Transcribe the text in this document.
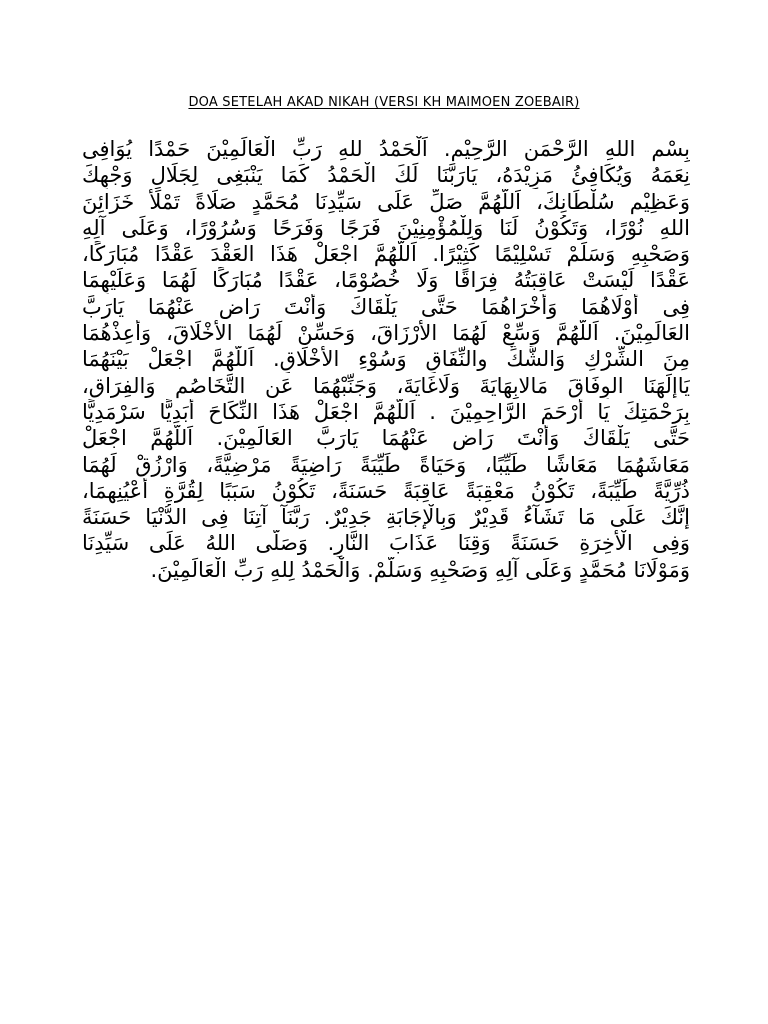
DOA SETELAH AKAD NIKAH (VERSI KH MAIMOEN ZOEBAIR)
بِسْمِ اللهِ الرَّحْمَنِ الرَّحِيْمِ. اَلْحَمْدُ للهِ رَبِّ الْعَالَمِيْنَ حَمْدًا يُوَافِى
نِعَمَهُ وَيُكَافِئُ مَزِيْدَهُ، يَارَبَّنَا لَكَ الْحَمْدُ كَمَا يَنْبَغِى لِجَلَالِ وَجْهِكَ
وَعَظِيْمِ سُلْطَانِكَ، اَللَّهُمَّ صَلِّ عَلَى سَيِّدِنَا مُحَمَّدٍ صَلَاةً تَمْلَأُ خَزَائِنَ
اللهِ نُوْرًا، وَتَكُوْنُ لَنَا وَلِلْمُؤْمِنِيْنَ فَرَجًا وَفَرَحًا وَسُرُوْرًا، وَعَلَى آلِهِ
وَصَحْبِهِ وَسَلِّمْ تَسْلِيْمًا كَثِيْرًا. اَللَّهُمَّ اجْعَلْ هَذَا العَقْدَ عَقْدًا مُبَارَكًا،
عَقْدًا لَيْسَتْ عَاقِبَتُهُ فِرَاقًا وَلَا خُصُوْمًا، عَقْدًا مُبَارَكًا لَهُمَا وَعَلَيْهِمَا
فِى أَوْلَاهُمَا وَأُخْرَاهُمَا حَتَّى يَلْقَاكَ وَأَنْتَ رَاضٍ عَنْهُمَا يَارَبَّ
العَالَمِيْنَ. اَللَّهُمَّ وَسِّعْ لَهُمَا الأَرْزَاقَ، وَحَسِّنْ لَهُمَا الأَخْلَاقَ، وَأَعِذْهُمَا
مِنَ الشِّرْكِ وَالشَّكِّ والنِّفَاقِ وَسُوْءِ الأَخْلَاقِ. اَللَّهُمَّ اجْعَلْ بَيْنَهُمَا
يَاإِلَهَنَا الوِفَاقَ مَالابِهَايَةَ وَلَاغَايَةَ، وَجَنِّبْهُمَا عَنِ التَّخَاصُمِ وَالفِرَاقِ،
بِرَحْمَتِكَ يَا أَرْحَمَ الرَّاحِمِيْنَ . اَللَّهُمَّ اجْعَلْ هَذَا النِّكَاحَ أَبَدِيًّا سَرْمَدِيًّا
حَتَّى يَلْقَاكَ وَأَنْتَ رَاضٍ عَنْهُمَا يَارَبَّ العَالَمِيْنَ. اَللَّهُمَّ اجْعَلْ
مَعَاشَهُمَا مَعَاشًا طَيِّبًا، وَحَيَاةً طَيِّبَةً رَاضِيَةً مَرْضِيَّةً، وَارْزُقْ لَهُمَا
ذُرِّيَّةً طَيِّبَةً، تَكُوْنُ مَعْقِبَةً عَاقِبَةً حَسَنَةً، تَكُوْنُ سَبَبًا لِقُرَّةِ أَعْيُنِهِمَا،
إِنَّكَ عَلَى مَا تَشَآءُ قَدِيْرٌ وَبِالْإِجَابَةِ جَدِيْرٌ. رَبَّنَآ آتِنَا فِى الدُّنْيَا حَسَنَةً
وَفِى الْأَخِرَةِ حَسَنَةً وَقِنَا عَذَابَ النَّارِ. وَصَلَّى اللهُ عَلَى سَيِّدِنَا
وَمَوْلَانَا مُحَمَّدٍ وَعَلَى آلِهِ وَصَحْبِهِ وَسَلَّمْ. وَالْحَمْدُ لِلهِ رَبِّ الْعَالَمِيْنَ.
